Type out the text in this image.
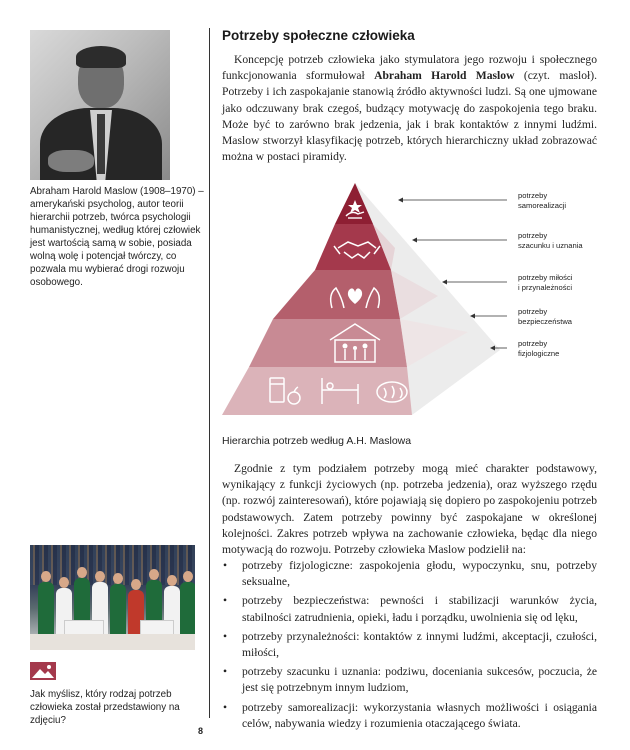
Abraham Harold Maslow (1908–1970) – amerykański psycholog, autor teorii hierarchii potrzeb, twórca psychologii humanistycznej, według której człowiek jest wartością samą w sobie, posiada wolną wolę i potencjał twórczy, co pozwala mu wybierać drogi rozwoju osobowego.

Jak myślisz, który rodzaj potrzeb człowieka został przedstawiony na zdjęciu?

8
Potrzeby społeczne człowieka

Koncepcję potrzeb człowieka jako stymulatora jego rozwoju i społecznego funkcjonowania sformułował Abraham Harold Maslow (czyt. masloł). Potrzeby i ich zaspokajanie stanowią źródło aktywności ludzi. Są one ujmowane jako odczuwany brak czegoś, budzący motywację do zaspokojenia tego braku. Może być to zarówno brak jedzenia, jak i brak kontaktów z innymi ludźmi. Maslow stworzył klasyfikację potrzeb, których hierarchiczny układ zobrazować można w postaci piramidy.

potrzeby
samorealizacji
potrzeby
szacunku i uznania
potrzeby miłości
i przynależności
potrzeby
bezpieczeństwa
potrzeby
fizjologiczne

Hierarchia potrzeb według A.H. Maslowa

Zgodnie z tym podziałem potrzeby mogą mieć charakter podstawowy, wynikający z funkcji życiowych (np. potrzeba jedzenia), oraz wyższego rzędu (np. rozwój zainteresowań), które pojawiają się dopiero po zaspokojeniu potrzeb podstawowych. Zatem potrzeby powinny być zaspokajane w określonej kolejności. Zakres potrzeb wpływa na zachowanie człowieka, będąc dla niego motywacją do rozwoju. Potrzeby człowieka Maslow podzielił na:

• potrzeby fizjologiczne: zaspokojenia głodu, wypoczynku, snu, potrzeby seksualne,
• potrzeby bezpieczeństwa: pewności i stabilizacji warunków życia, stabilności zatrudnienia, opieki, ładu i porządku, uwolnienia się od lęku,
• potrzeby przynależności: kontaktów z innymi ludźmi, akceptacji, czułości, miłości,
• potrzeby szacunku i uznania: podziwu, doceniania sukcesów, poczucia, że jest się potrzebnym innym ludziom,
• potrzeby samorealizacji: wykorzystania własnych możliwości i osiągania celów, nabywania wiedzy i rozumienia otaczającego świata.
